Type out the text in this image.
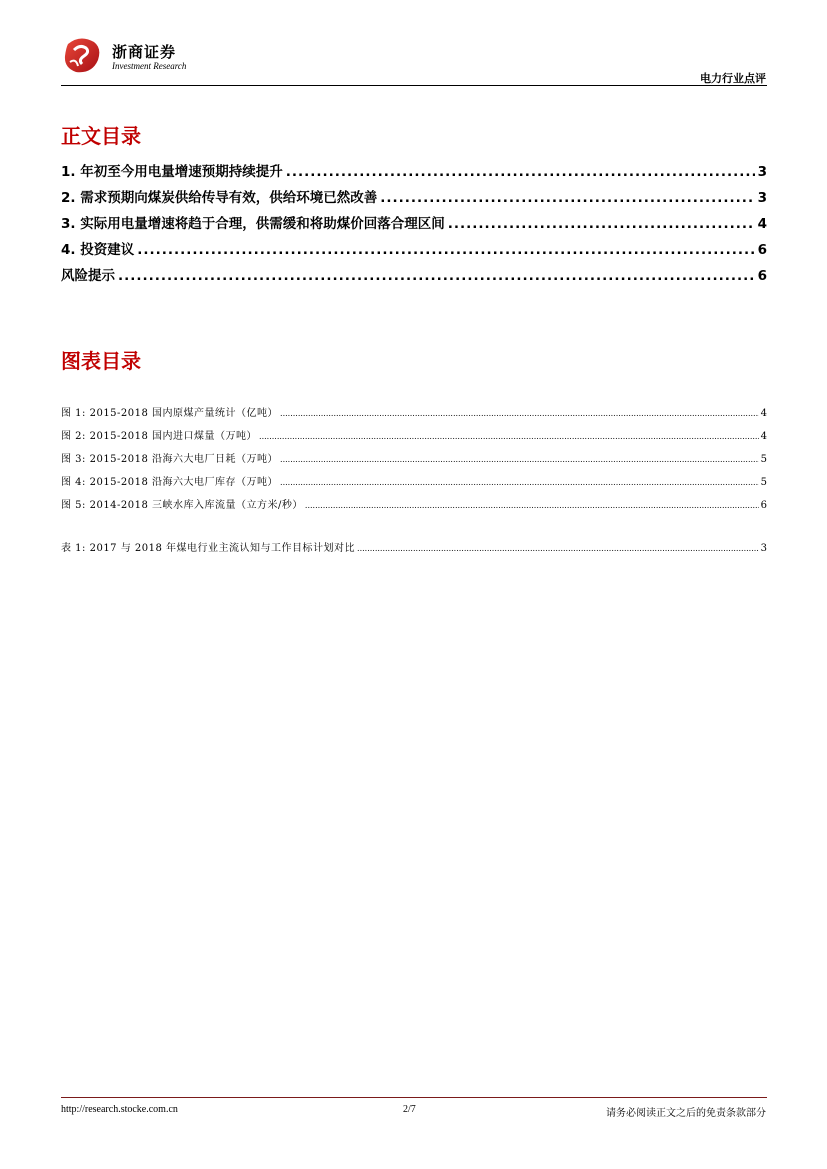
浙商证券
Investment Research
电力行业点评
正文目录
1. 年初至今用电量增速预期持续提升 .....	3
2. 需求预期向煤炭供给传导有效，供给环境已然改善 .....	3
3. 实际用电量增速将趋于合理，供需缓和将助煤价回落合理区间 .....	4
4. 投资建议 .....	6
风险提示 .....	6
图表目录
图 1: 2015-2018 国内原煤产量统计（亿吨） .....	4
图 2: 2015-2018 国内进口煤量（万吨） .....	4
图 3: 2015-2018 沿海六大电厂日耗（万吨） .....	5
图 4: 2015-2018 沿海六大电厂库存（万吨） .....	5
图 5: 2014-2018 三峡水库入库流量（立方米/秒） .....	6
表 1: 2017 与 2018 年煤电行业主流认知与工作目标计划对比 .....	3
http://research.stocke.com.cn	2/7	请务必阅读正文之后的免责条款部分
